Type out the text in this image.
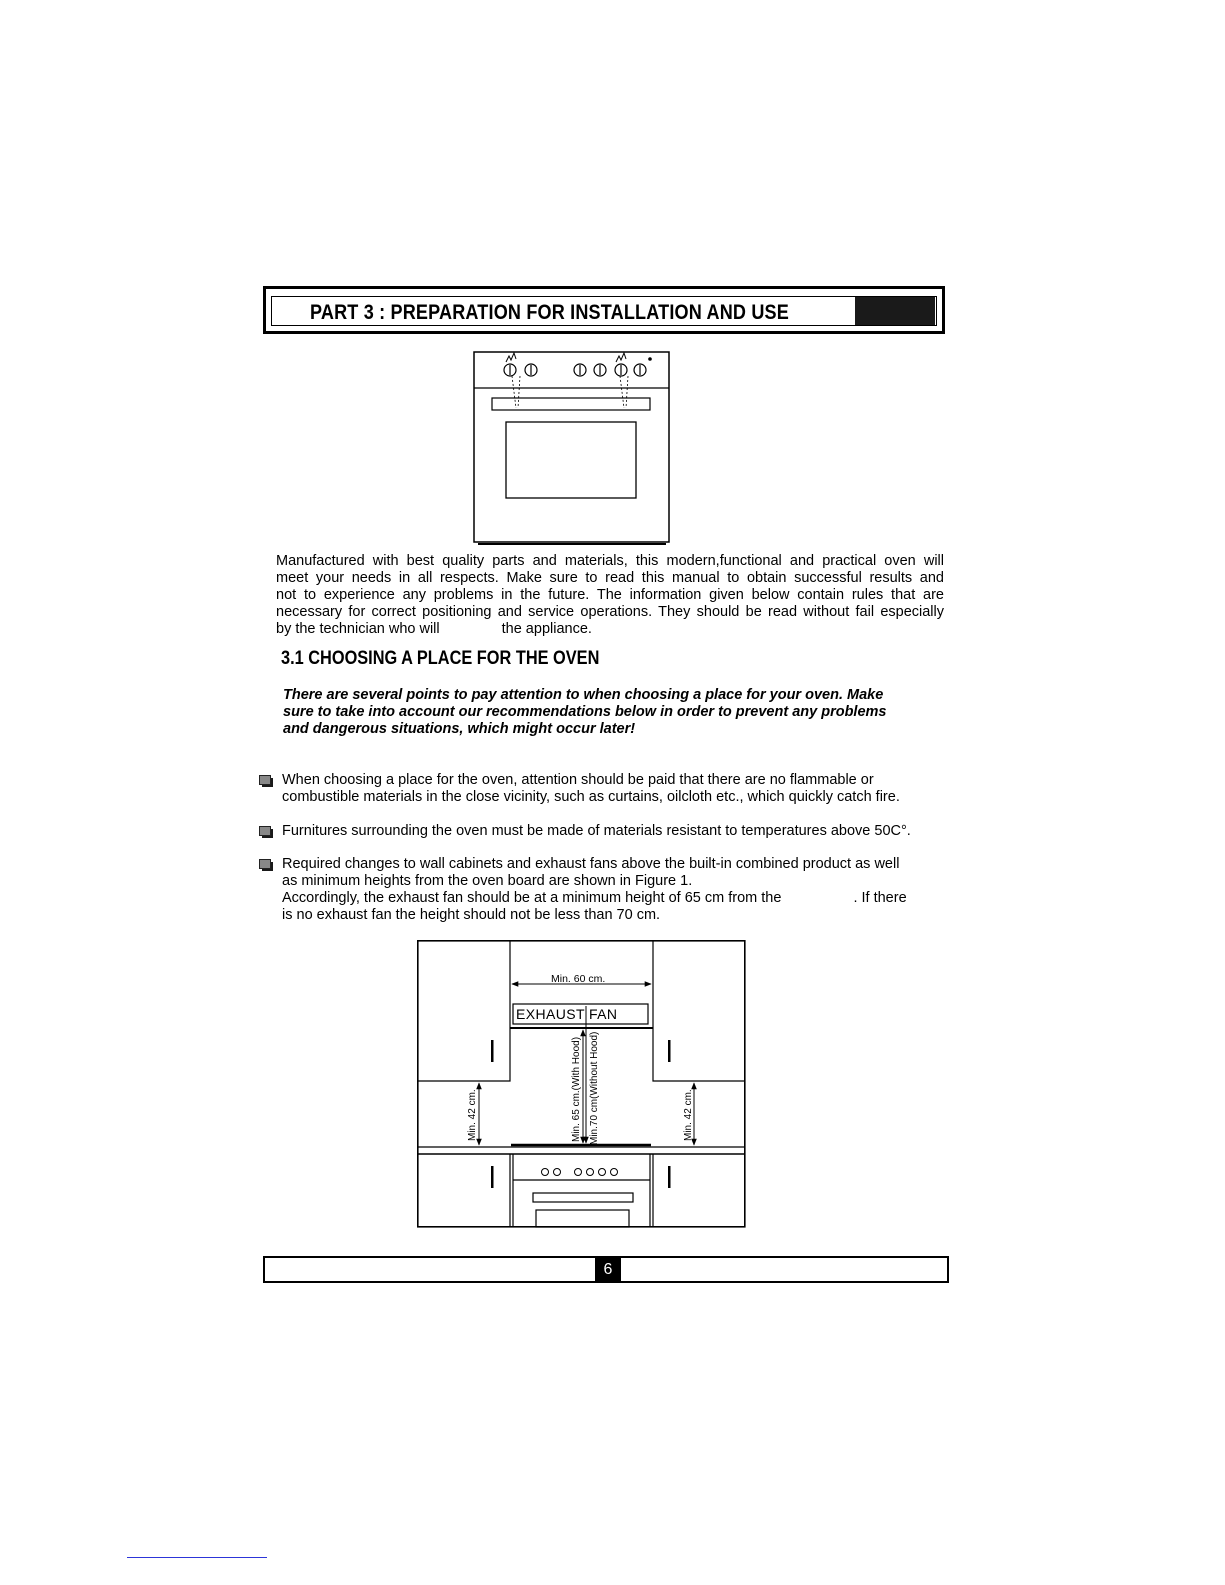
PART 3 : PREPARATION FOR INSTALLATION AND USE
Manufactured with best quality parts and materials, this modern,functional and practical oven will
meet your needs in all respects. Make sure to read this manual to obtain successful results and
not to experience any problems in the future. The information given below contain rules that are
necessary for correct positioning and service operations. They should be read without fail especially
by the technician who will	the appliance.
3.1 CHOOSING A PLACE FOR THE OVEN
There are several points to pay attention to when choosing a place for your oven. Make
sure to take into account our recommendations below in order to prevent any problems
and dangerous situations, which might occur later!
When choosing a place for the oven, attention should be paid that there are no flammable or
combustible materials in the close vicinity, such as curtains, oilcloth etc., which quickly catch fire.
Furnitures surrounding the oven must be made of materials resistant to temperatures above 50C°.
Required changes to wall cabinets and exhaust fans above the built-in combined product as well
as minimum heights from the oven board are shown in Figure 1.
Accordingly, the exhaust fan should be at a minimum height of 65 cm from the	. If there
is no exhaust fan the height should not be less than 70 cm.
Min. 60 cm.
EXHAUST FAN
Min. 42 cm.	Min. 42 cm.
Min. 65 cm.(With Hood) Min.70 cm(Without Hood)
6
